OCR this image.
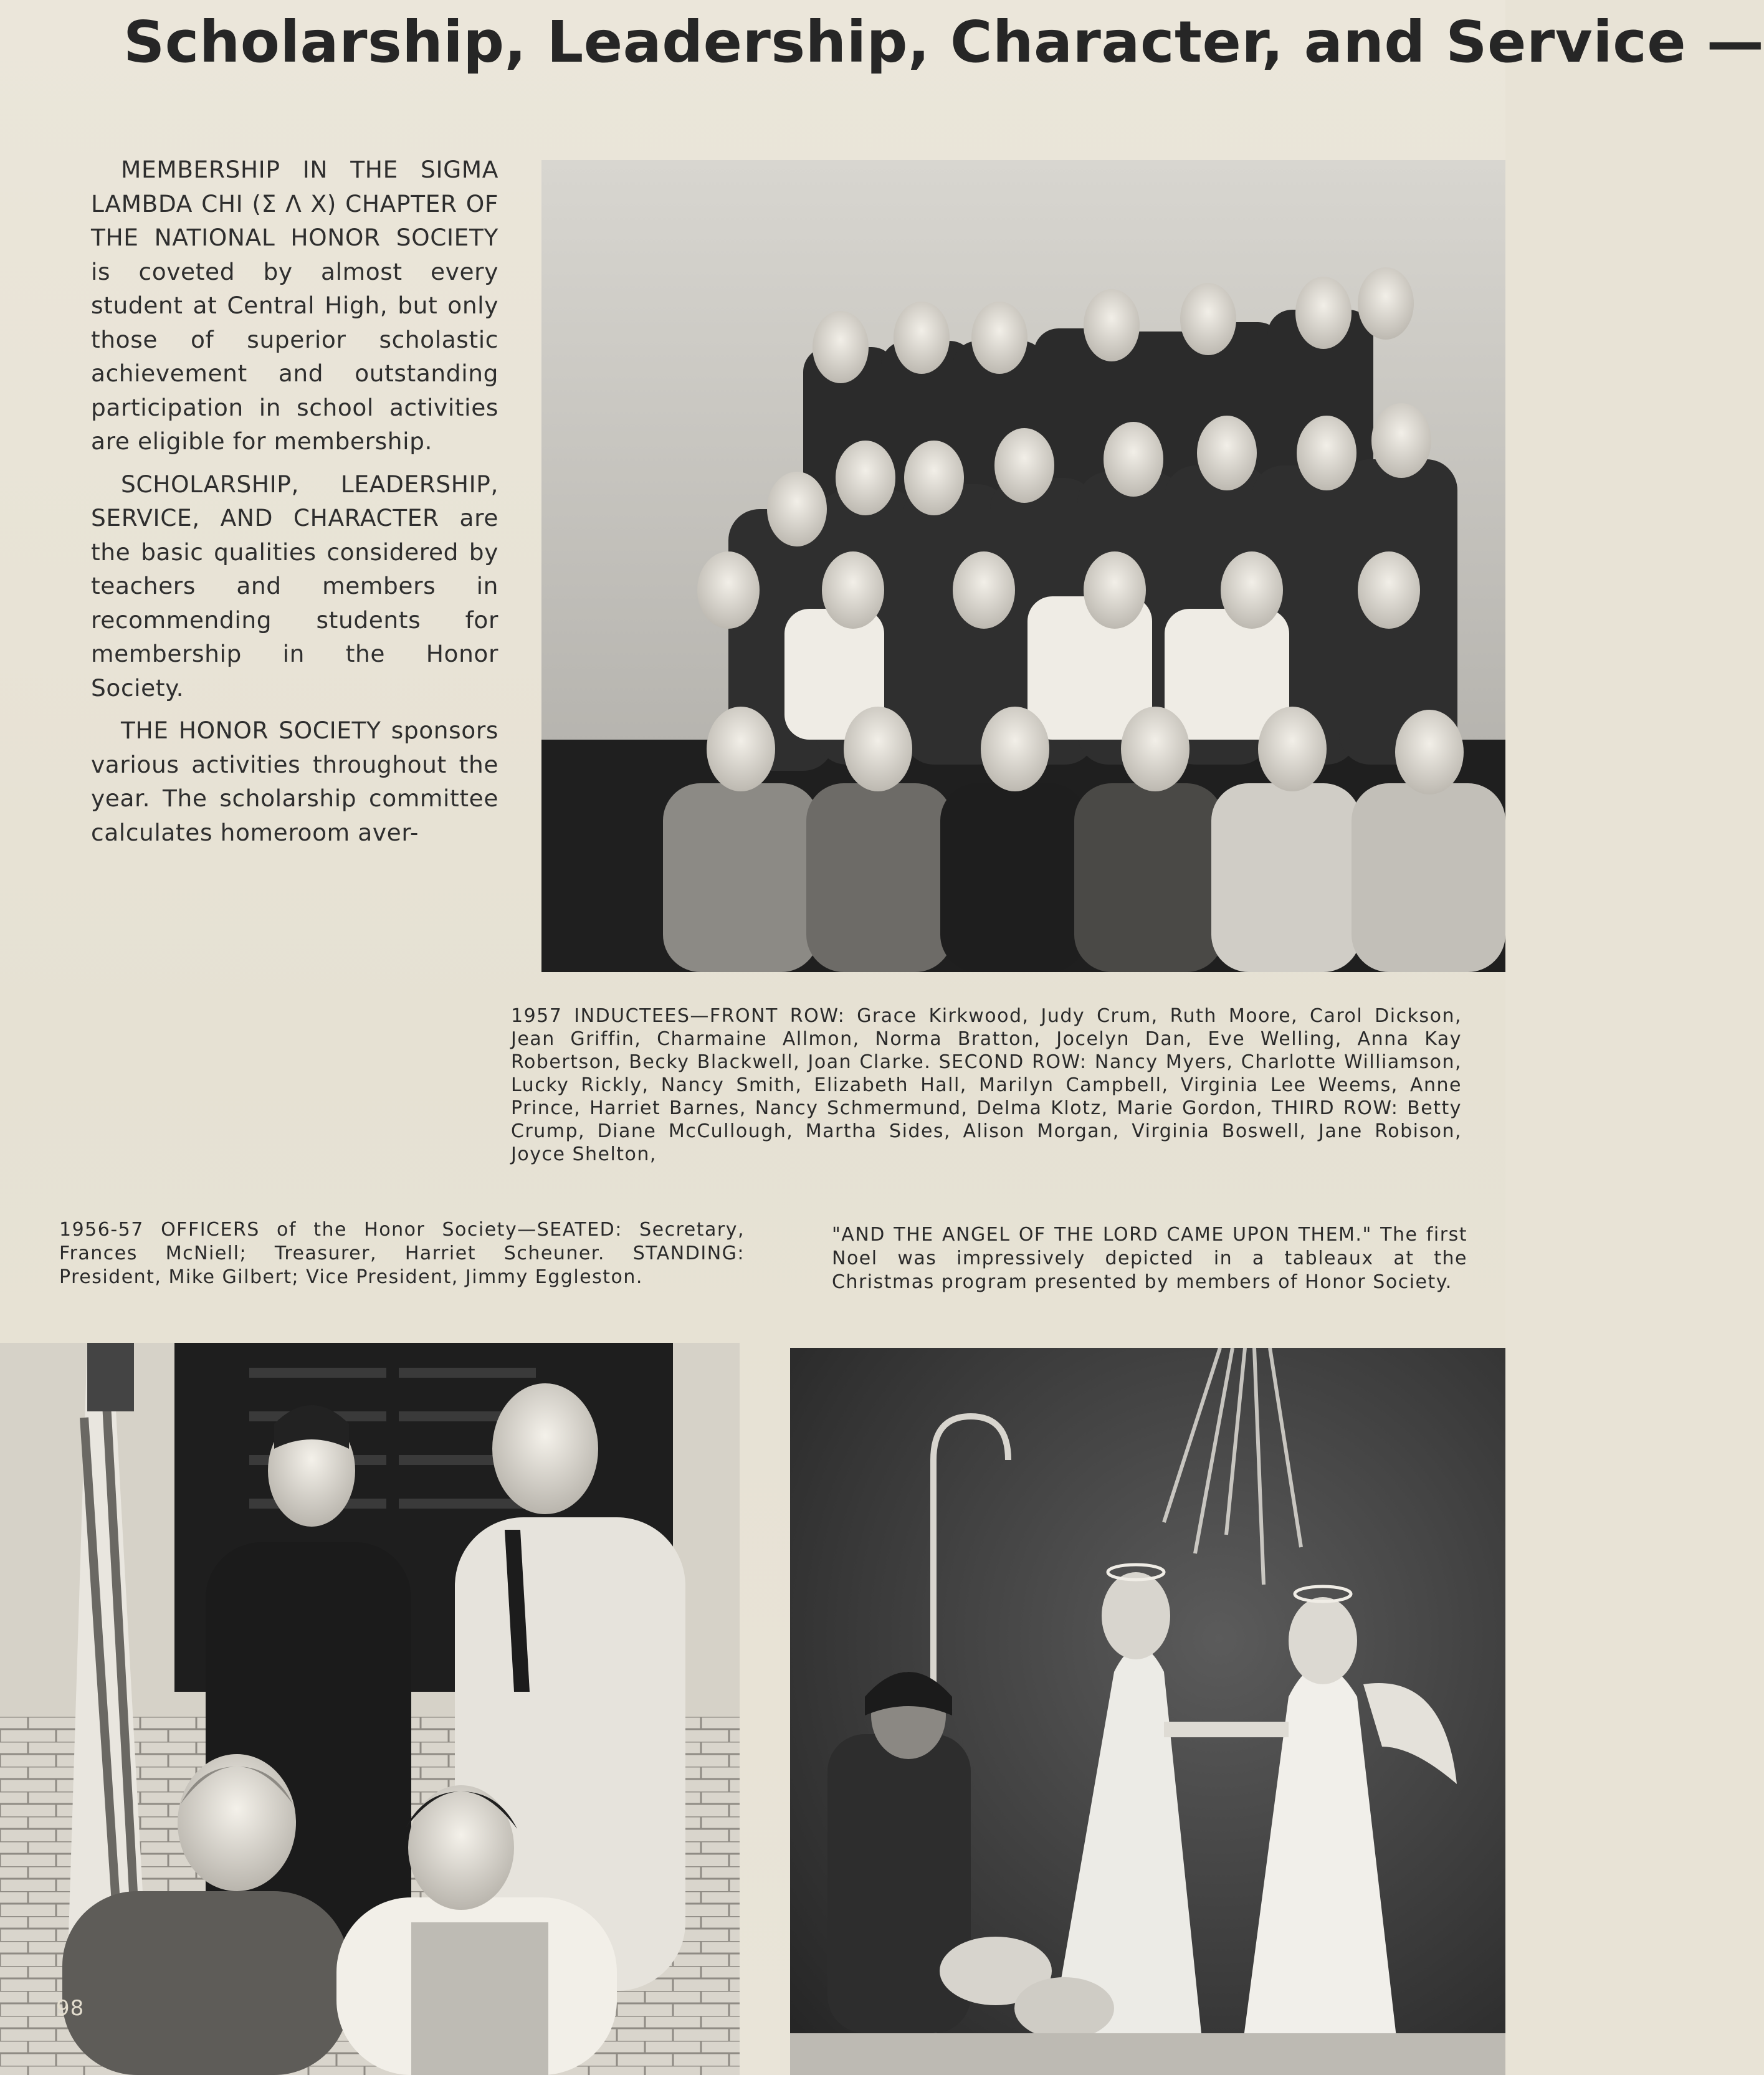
Scholarship, Leadership, Character, and Service —

MEMBERSHIP IN THE SIGMA LAMBDA CHI (Σ Λ X) CHAPTER OF THE NATIONAL HONOR SOCIETY is coveted by almost every student at Central High, but only those of superior scholastic achievement and outstanding participation in school activities are eligible for membership.

SCHOLARSHIP, LEADERSHIP, SERVICE, AND CHARACTER are the basic qualities considered by teachers and members in recommending students for membership in the Honor Society.

THE HONOR SOCIETY sponsors various activities throughout the year. The scholarship committee calculates homeroom aver-

1957 INDUCTEES—FRONT ROW: Grace Kirkwood, Judy Crum, Ruth Moore, Carol Dickson, Jean Griffin, Charmaine Allmon, Norma Bratton, Jocelyn Dan, Eve Welling, Anna Kay Robertson, Becky Blackwell, Joan Clarke. SECOND ROW: Nancy Myers, Charlotte Williamson, Lucky Rickly, Nancy Smith, Elizabeth Hall, Marilyn Campbell, Virginia Lee Weems, Anne Prince, Harriet Barnes, Nancy Schmermund, Delma Klotz, Marie Gordon, THIRD ROW: Betty Crump, Diane McCullough, Martha Sides, Alison Morgan, Virginia Boswell, Jane Robison, Joyce Shelton,
1956-57 OFFICERS of the Honor Society—SEATED: Secretary, Frances McNiell; Treasurer, Harriet Scheuner. STANDING: President, Mike Gilbert; Vice President, Jimmy Eggleston.
"AND THE ANGEL OF THE LORD CAME UPON THEM." The first Noel was impressively depicted in a tableaux at the Christmas program presented by members of Honor Society.
98
